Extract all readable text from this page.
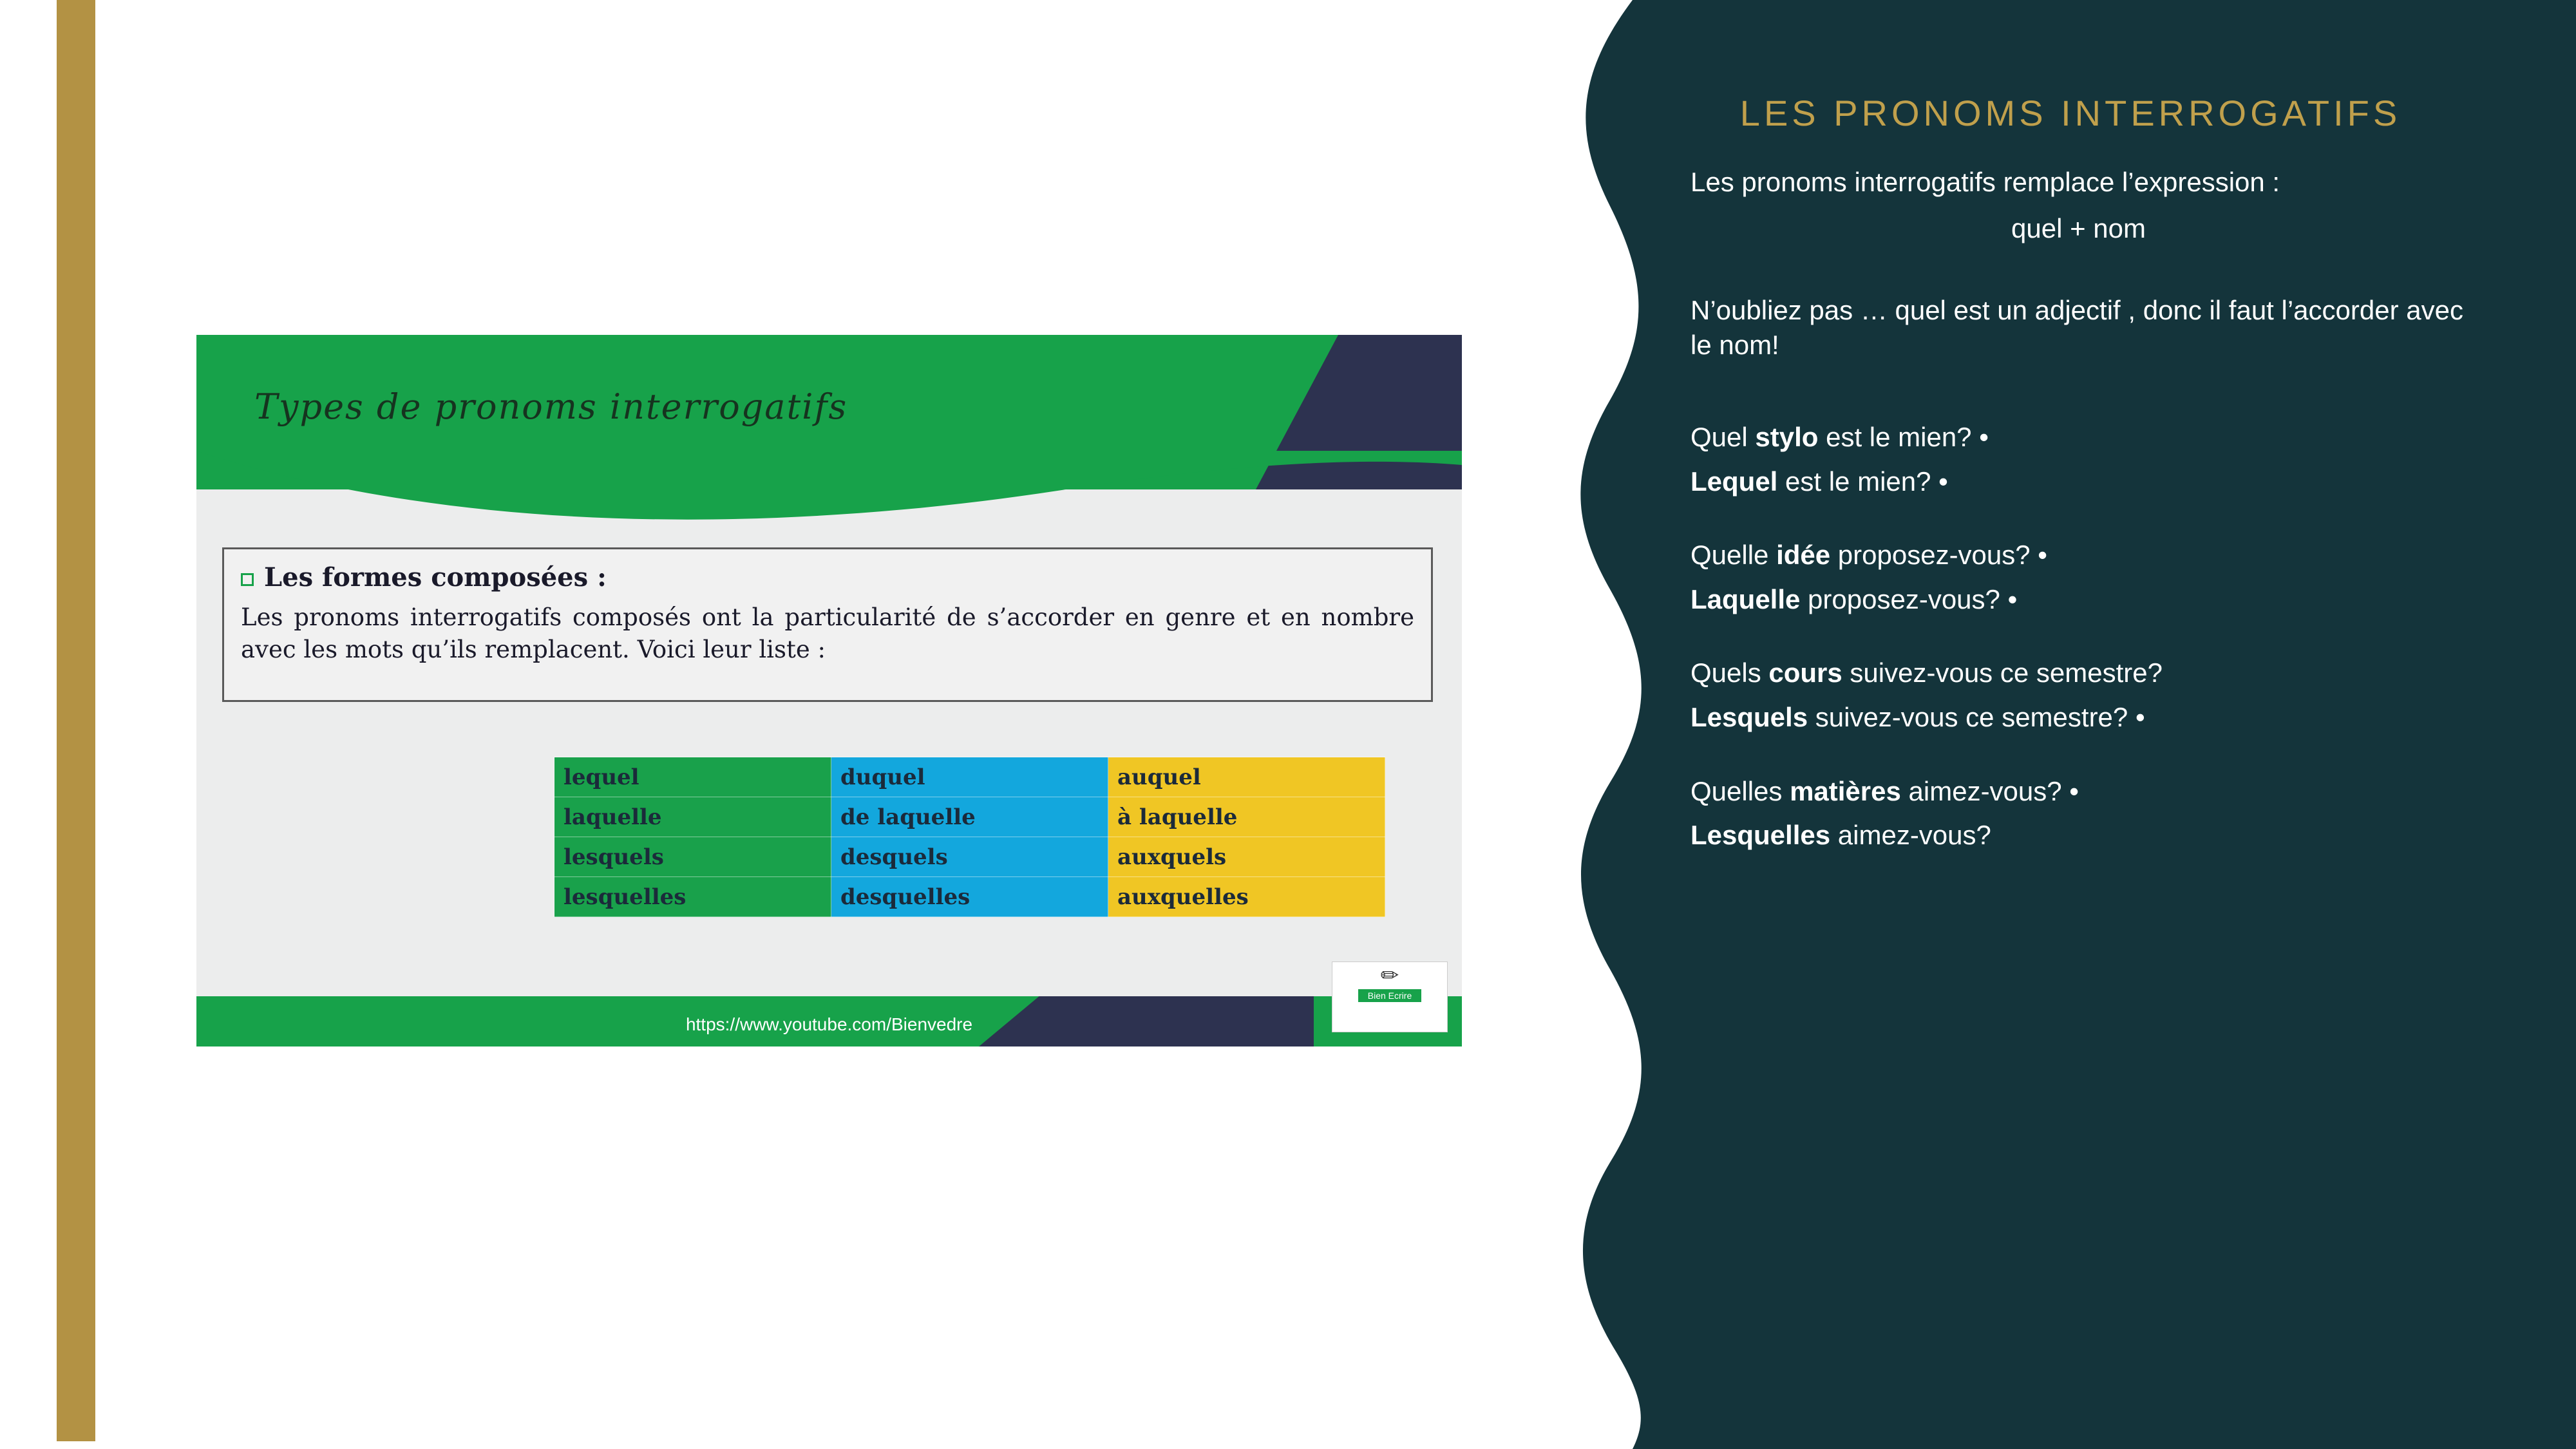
Types de pronoms interrogatifs
Les formes composées :
Les pronoms interrogatifs composés ont la particularité de s’accorder en genre et en nombre avec les mots qu’ils remplacent. Voici leur liste :
lequel	duquel	auquel
laquelle	de laquelle	à laquelle
lesquels	desquels	auxquels
lesquelles	desquelles	auxquelles
https://www.youtube.com/Bienvedre
✏
Bien Ecrire
LES PRONOMS INTERROGATIFS
Les pronoms interrogatifs remplace l’expression :
quel + nom
N’oubliez pas … quel est un adjectif , donc il faut l’accorder avec le nom!
Quel stylo est le mien? •
Lequel est le mien? •
Quelle idée proposez-vous? •
Laquelle proposez-vous? •
Quels cours suivez-vous ce semestre?
Lesquels suivez-vous ce semestre? •
Quelles matières aimez-vous? •
Lesquelles aimez-vous?
